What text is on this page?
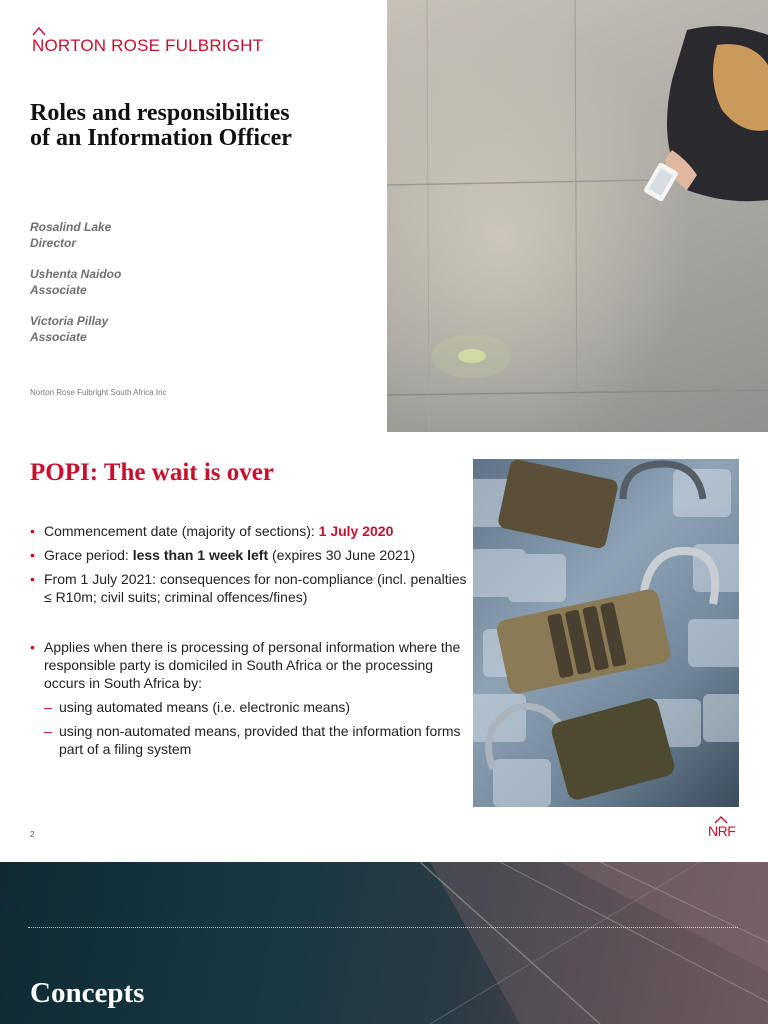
NORTON ROSE FULBRIGHT
Roles and responsibilities
of an Information Officer
Rosalind Lake
Director
Ushenta Naidoo
Associate
Victoria Pillay
Associate
Norton Rose Fulbright South Africa Inc
POPI: The wait is over
• Commencement date (majority of sections): 1 July 2020
• Grace period: less than 1 week left (expires 30 June 2021)
• From 1 July 2021: consequences for non-compliance (incl. penalties ≤ R10m; civil suits; criminal offences/fines)
• Applies when there is processing of personal information where the responsible party is domiciled in South Africa or the processing occurs in South Africa by:
– using automated means (i.e. electronic means)
– using non-automated means, provided that the information forms part of a filing system
2	NRF
Concepts
